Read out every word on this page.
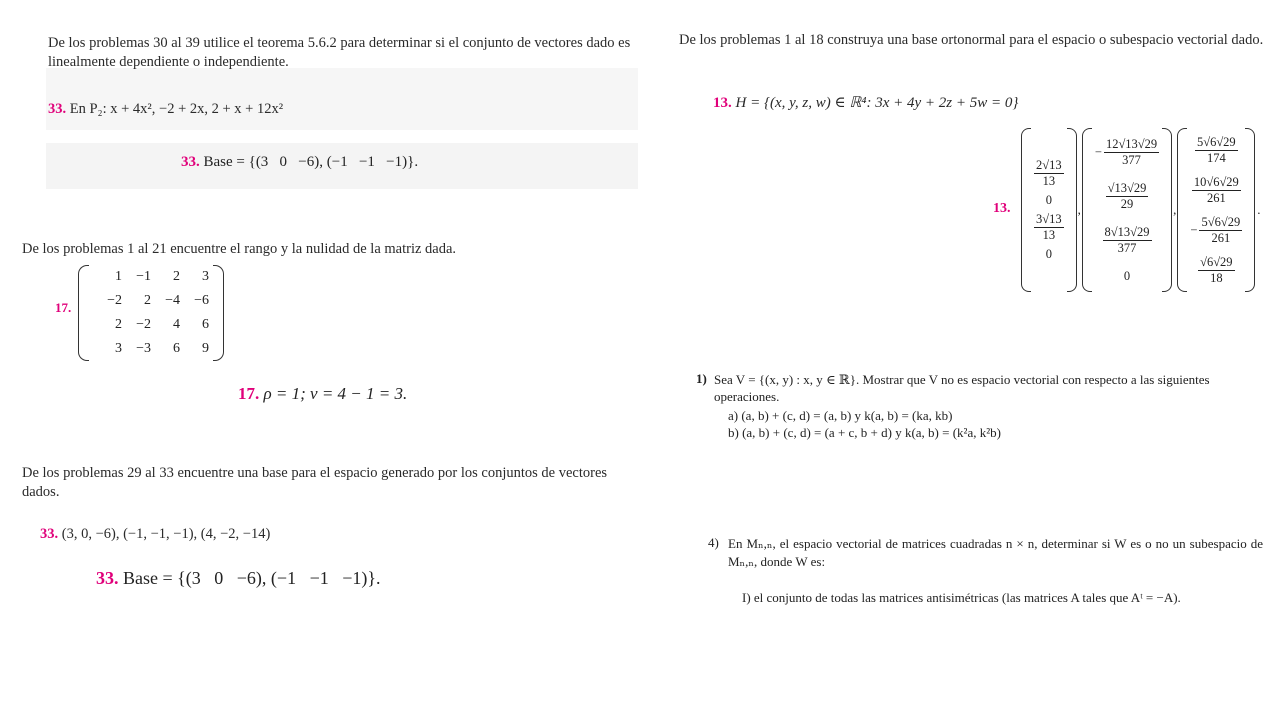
De los problemas 30 al 39 utilice el teorema 5.6.2 para determinar si el conjunto de vectores dado es linealmente dependiente o independiente.
33. En P₂: x + 4x², −2 + 2x, 2 + x + 12x²
33. Base = {(3   0   −6), (−1   −1   −1)}.
De los problemas 1 al 21 encuentre el rango y la nulidad de la matriz dada.
17.
1	−1	2	3
−2	2	−4	−6
2	−2	4	6
3	−3	6	9
17. ρ = 1; ν = 4 − 1 = 3.
De los problemas 29 al 33 encuentre una base para el espacio generado por los conjuntos de vectores dados.
33. (3, 0, −6), (−1, −1, −1), (4, −2, −14)
33. Base = {(3   0   −6), (−1   −1   −1)}.
De los problemas 1 al 18 construya una base ortonormal para el espacio o subespacio vectorial dado.
13. H = {(x, y, z, w) ∈ ℝ⁴: 3x + 4y + 2z + 5w = 0}
13.
$\frac{2√13}{13}$
0
$\frac{3√13}{13}$
0
,
− $\frac{12√13√29}{377}$
$\frac{√13√29}{29}$
$\frac{8√13√29}{377}$
0
,
$\frac{5√6√29}{174}$
$\frac{10√6√29}{261}$
− $\frac{5√6√29}{261}$
$\frac{√6√29}{18}$
.
1) Sea V = {(x, y) : x, y ∈ ℝ}. Mostrar que V no es espacio vectorial con respecto a las siguientes operaciones.
a) (a, b) + (c, d) = (a, b) y k(a, b) = (ka, kb)
b) (a, b) + (c, d) = (a + c, b + d) y k(a, b) = (k²a, k²b)
4) En Mₙ,ₙ, el espacio vectorial de matrices cuadradas n × n, determinar si W es o no un subespacio de Mₙ,ₙ, donde W es:
I) el conjunto de todas las matrices antisimétricas (las matrices A tales que Aᵗ = −A).
